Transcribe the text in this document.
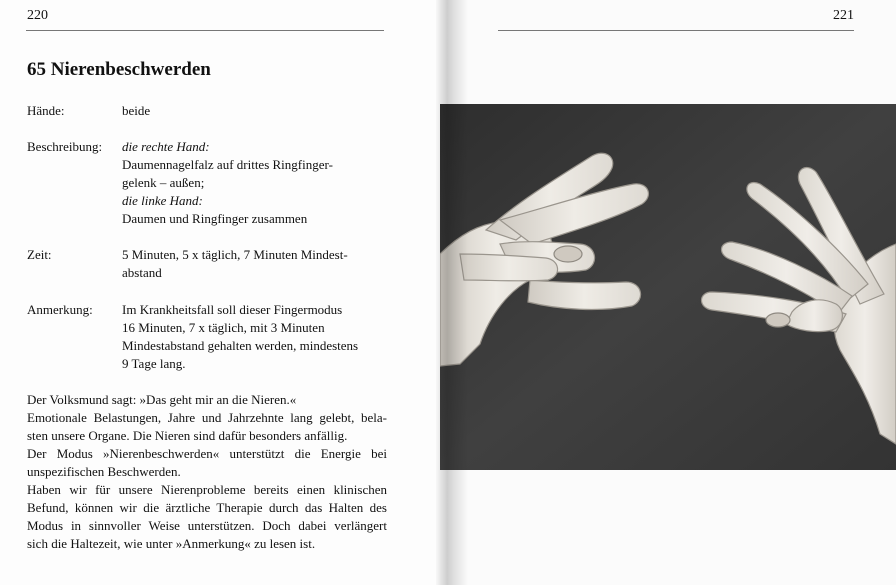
220
65 Nierenbeschwerden
Hände:	beide
Beschreibung: die rechte Hand:
Daumennagelfalz auf drittes Ringfinger-
gelenk – außen;
die linke Hand:
Daumen und Ringfinger zusammen
Zeit:	5 Minuten, 5 x täglich, 7 Minuten Mindest-
abstand
Anmerkung: Im Krankheitsfall soll dieser Fingermodus
16 Minuten, 7 x täglich, mit 3 Minuten
Mindestabstand gehalten werden, mindestens
9 Tage lang.
Der Volksmund sagt: »Das geht mir an die Nieren.«
Emotionale Belastungen, Jahre und Jahrzehnte lang gelebt, bela-
sten unsere Organe. Die Nieren sind dafür besonders anfällig.
Der Modus »Nierenbeschwerden« unterstützt die Energie bei
unspezifischen Beschwerden.
Haben wir für unsere Nierenprobleme bereits einen klinischen
Befund, können wir die ärztliche Therapie durch das Halten des
Modus in sinnvoller Weise unterstützen. Doch dabei verlängert
sich die Haltezeit, wie unter »Anmerkung« zu lesen ist.
221
